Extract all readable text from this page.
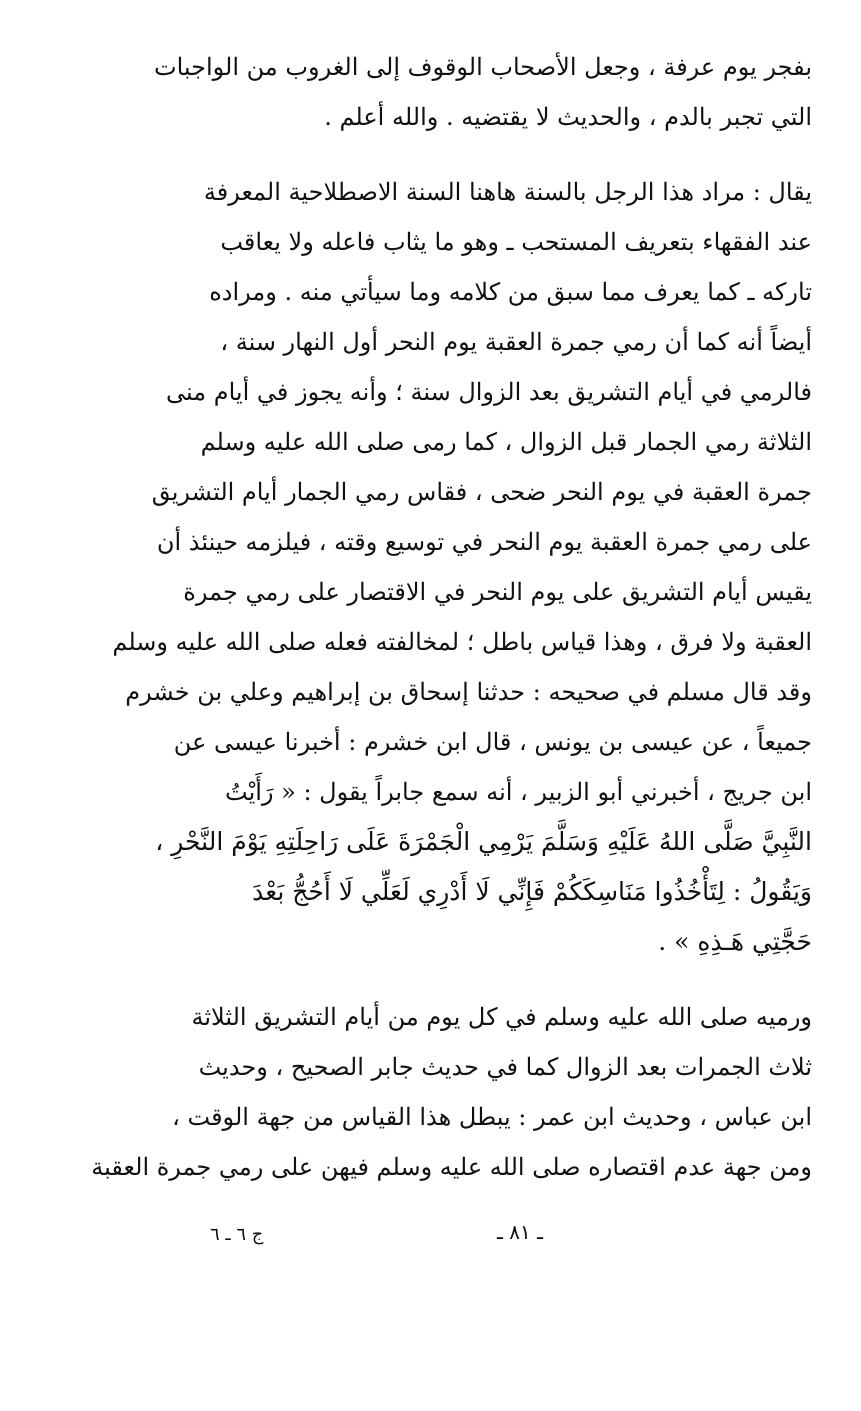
بفجر يوم عرفة ، وجعل الأصحاب الوقوف إلى الغروب من الواجبات
التي تجبر بالدم ، والحديث لا يقتضيه . والله أعلم .
يقال : مراد هذا الرجل بالسنة هاهنا السنة الاصطلاحية المعرفة
عند الفقهاء بتعريف المستحب ـ وهو ما يثاب فاعله ولا يعاقب
تاركه ـ كما يعرف مما سبق من كلامه وما سيأتي منه . ومراده
أيضاً أنه كما أن رمي جمرة العقبة يوم النحر أول النهار سنة ،
فالرمي في أيام التشريق بعد الزوال سنة ؛ وأنه يجوز في أيام منى
الثلاثة رمي الجمار قبل الزوال ، كما رمى صلى الله عليه وسلم
جمرة العقبة في يوم النحر ضحى ، فقاس رمي الجمار أيام التشريق
على رمي جمرة العقبة يوم النحر في توسيع وقته ، فيلزمه حينئذ أن
يقيس أيام التشريق على يوم النحر في الاقتصار على رمي جمرة
العقبة ولا فرق ، وهذا قياس باطل ؛ لمخالفته فعله صلى الله عليه وسلم
وقد قال مسلم في صحيحه : حدثنا إسحاق بن إبراهيم وعلي بن خشرم
جميعاً ، عن عيسى بن يونس ، قال ابن خشرم : أخبرنا عيسى عن
ابن جريج ، أخبرني أبو الزبير ، أنه سمع جابراً يقول : « رَأَيْتُ
النَّبِيَّ صَلَّى اللهُ عَلَيْهِ وَسَلَّمَ يَرْمِي الْجَمْرَةَ عَلَى رَاحِلَتِهِ يَوْمَ النَّحْرِ ،
وَيَقُولُ : لِتَأْخُذُوا مَنَاسِكَكُمْ فَإِنِّي لَا أَدْرِي لَعَلِّي لَا أَحُجُّ بَعْدَ
حَجَّتِي هَـذِهِ » .
ورميه صلى الله عليه وسلم في كل يوم من أيام التشريق الثلاثة
ثلاث الجمرات بعد الزوال كما في حديث جابر الصحيح ، وحديث
ابن عباس ، وحديث ابن عمر : يبطل هذا القياس من جهة الوقت ،
ومن جهة عدم اقتصاره صلى الله عليه وسلم فيهن على رمي جمرة العقبة
ـ ٨١ ـ
ج ٦ ـ ٦
